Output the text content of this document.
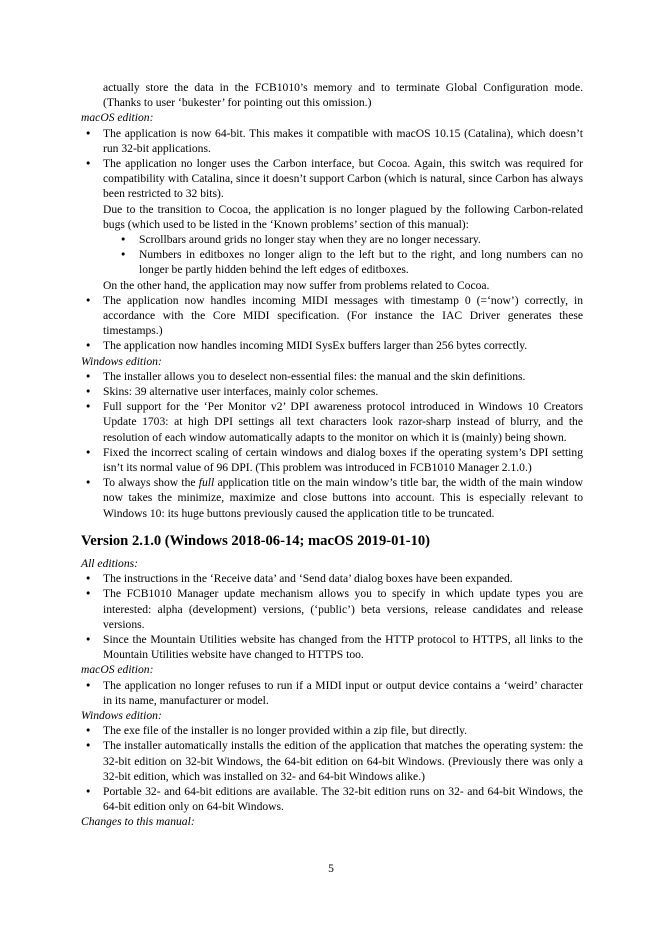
actually store the data in the FCB1010’s memory and to terminate Global Configuration mode. (Thanks to user ‘bukester’ for pointing out this omission.)
macOS edition:
● The application is now 64-bit. This makes it compatible with macOS 10.15 (Catalina), which doesn’t run 32-bit applications.
● The application no longer uses the Carbon interface, but Cocoa. Again, this switch was required for compatibility with Catalina, since it doesn’t support Carbon (which is natural, since Carbon has always been restricted to 32 bits).
Due to the transition to Cocoa, the application is no longer plagued by the following Carbon-related bugs (which used to be listed in the ‘Known problems’ section of this manual):
● Scrollbars around grids no longer stay when they are no longer necessary.
● Numbers in editboxes no longer align to the left but to the right, and long numbers can no longer be partly hidden behind the left edges of editboxes.
On the other hand, the application may now suffer from problems related to Cocoa.
● The application now handles incoming MIDI messages with timestamp 0 (=‘now’) correctly, in accordance with the Core MIDI specification. (For instance the IAC Driver generates these timestamps.)
● The application now handles incoming MIDI SysEx buffers larger than 256 bytes correctly.
Windows edition:
● The installer allows you to deselect non-essential files: the manual and the skin definitions.
● Skins: 39 alternative user interfaces, mainly color schemes.
● Full support for the ‘Per Monitor v2’ DPI awareness protocol introduced in Windows 10 Creators Update 1703: at high DPI settings all text characters look razor-sharp instead of blurry, and the resolution of each window automatically adapts to the monitor on which it is (mainly) being shown.
● Fixed the incorrect scaling of certain windows and dialog boxes if the operating system’s DPI setting isn’t its normal value of 96 DPI. (This problem was introduced in FCB1010 Manager 2.1.0.)
● To always show the full application title on the main window’s title bar, the width of the main window now takes the minimize, maximize and close buttons into account. This is especially relevant to Windows 10: its huge buttons previously caused the application title to be truncated.
Version 2.1.0 (Windows 2018-06-14; macOS 2019-01-10)
All editions:
● The instructions in the ‘Receive data’ and ‘Send data’ dialog boxes have been expanded.
● The FCB1010 Manager update mechanism allows you to specify in which update types you are interested: alpha (development) versions, (‘public’) beta versions, release candidates and release versions.
● Since the Mountain Utilities website has changed from the HTTP protocol to HTTPS, all links to the Mountain Utilities website have changed to HTTPS too.
macOS edition:
● The application no longer refuses to run if a MIDI input or output device contains a ‘weird’ character in its name, manufacturer or model.
Windows edition:
● The exe file of the installer is no longer provided within a zip file, but directly.
● The installer automatically installs the edition of the application that matches the operating system: the 32-bit edition on 32-bit Windows, the 64-bit edition on 64-bit Windows. (Previously there was only a 32-bit edition, which was installed on 32- and 64-bit Windows alike.)
● Portable 32- and 64-bit editions are available. The 32-bit edition runs on 32- and 64-bit Windows, the 64-bit edition only on 64-bit Windows.
Changes to this manual:
5
